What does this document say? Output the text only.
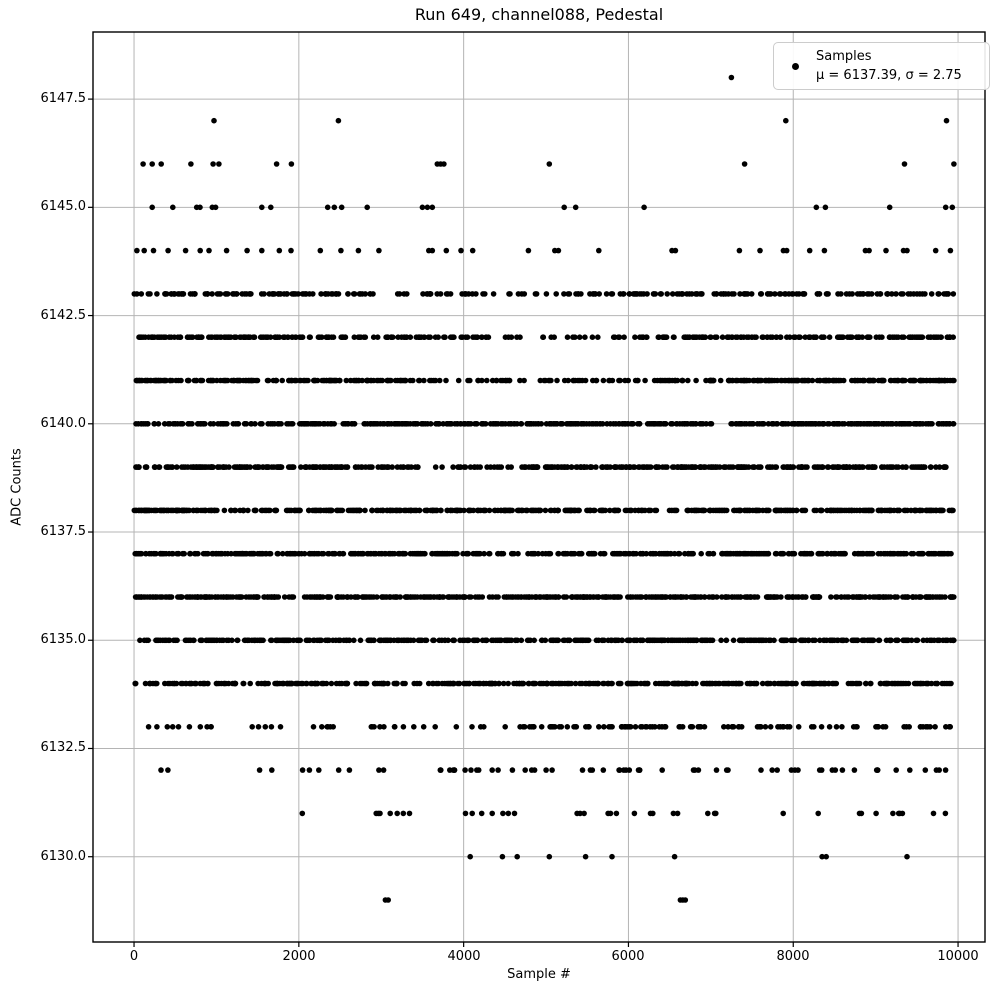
Run 649, channel088, Pedestal
ADC Counts
Sample #
6147.5
6145.0
6142.5
6140.0
6137.5
6135.0
6132.5
6130.0
0	2000	4000	6000	8000	10000
Samples
μ = 6137.39, σ = 2.75
